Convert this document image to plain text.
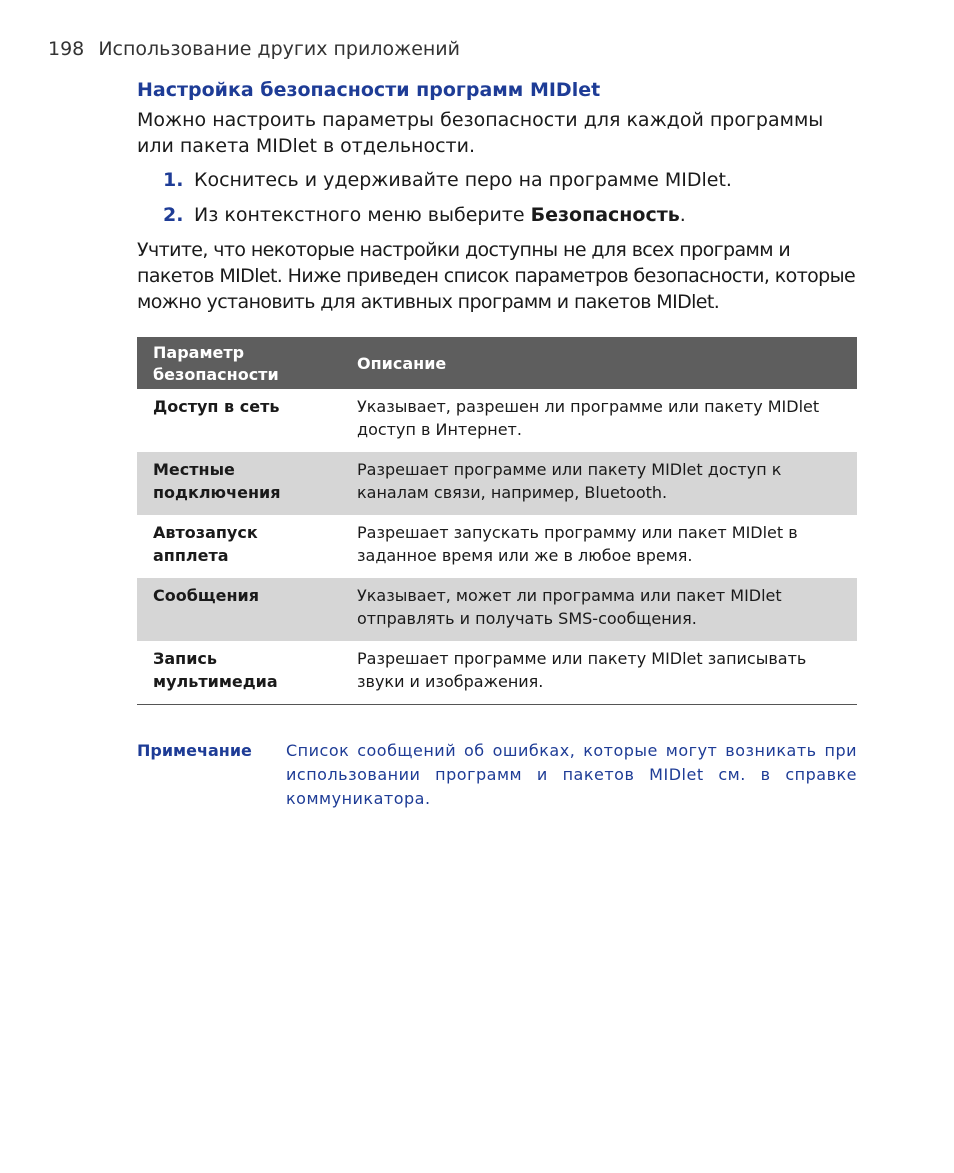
198 Использование других приложений
Настройка безопасности программ MIDlet

Можно настроить параметры безопасности для каждой программы или пакета MIDlet в отдельности.

1. Коснитесь и удерживайте перо на программе MIDlet.
2. Из контекстного меню выберите Безопасность.

Учтите, что некоторые настройки доступны не для всех программ и пакетов MIDlet. Ниже приведен список параметров безопасности, которые можно установить для активных программ и пакетов MIDlet.

Параметр безопасности	Описание
Доступ в сеть	Указывает, разрешен ли программе или пакету MIDlet доступ в Интернет.
Местные подключения	Разрешает программе или пакету MIDlet доступ к каналам связи, например, Bluetooth.
Автозапуск апплета	Разрешает запускать программу или пакет MIDlet в заданное время или же в любое время.
Сообщения	Указывает, может ли программа или пакет MIDlet отправлять и получать SMS-сообщения.
Запись мультимедиа	Разрешает программе или пакету MIDlet записывать звуки и изображения.
Примечание	Список сообщений об ошибках, которые могут возникать при использовании программ и пакетов MIDlet см. в справке коммуникатора.
